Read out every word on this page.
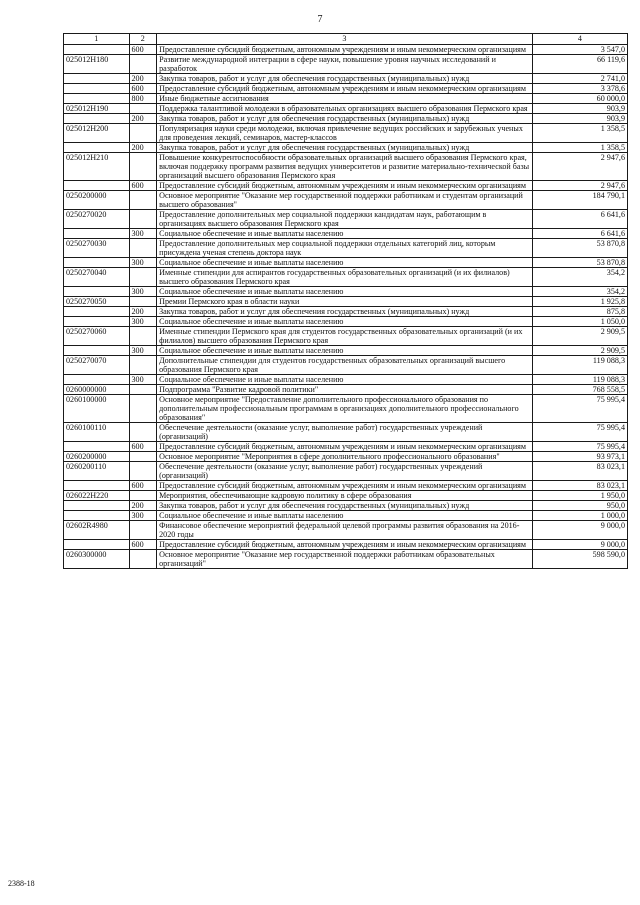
7
1	2	3	4
	600	Предоставление субсидий бюджетным, автономным учреждениям и иным некоммерческим организациям	3 547,0
025012Н180		Развитие международной интеграции в сфере науки, повышение уровня научных исследований и разработок	66 119,6
	200	Закупка товаров, работ и услуг для обеспечения государственных (муниципальных) нужд	2 741,0
	600	Предоставление субсидий бюджетным, автономным учреждениям и иным некоммерческим организациям	3 378,6
	800	Иные бюджетные ассигнования	60 000,0
025012Н190		Поддержка талантливой молодежи в образовательных организациях высшего образования Пермского края	903,9
	200	Закупка товаров, работ и услуг для обеспечения государственных (муниципальных) нужд	903,9
025012Н200		Популяризация науки среди молодежи, включая привлечение ведущих российских и зарубежных ученых для проведения лекций, семинаров, мастер-классов	1 358,5
	200	Закупка товаров, работ и услуг для обеспечения государственных (муниципальных) нужд	1 358,5
025012Н210		Повышение конкурентоспособности образовательных организаций высшего образования Пермского края, включая поддержку программ развития ведущих университетов и развитие материально-технической базы организаций высшего образования Пермского края	2 947,6
	600	Предоставление субсидий бюджетным, автономным учреждениям и иным некоммерческим организациям	2 947,6
0250200000		Основное мероприятие "Оказание мер государственной поддержки работникам и студентам организаций высшего образования"	184 790,1
0250270020		Предоставление дополнительных мер социальной поддержки кандидатам наук, работающим в организациях высшего образования Пермского края	6 641,6
	300	Социальное обеспечение и иные выплаты населению	6 641,6
0250270030		Предоставление дополнительных мер социальной поддержки отдельных категорий лиц, которым присуждена ученая степень доктора наук	53 870,8
	300	Социальное обеспечение и иные выплаты населению	53 870,8
0250270040		Именные стипендии для аспирантов государственных образовательных организаций (и их филиалов) высшего образования Пермского края	354,2
	300	Социальное обеспечение и иные выплаты населению	354,2
0250270050		Премии Пермского края в области науки	1 925,8
	200	Закупка товаров, работ и услуг для обеспечения государственных (муниципальных) нужд	875,8
	300	Социальное обеспечение и иные выплаты населению	1 050,0
0250270060		Именные стипендии Пермского края для студентов государственных образовательных организаций (и их филиалов) высшего образования Пермского края	2 909,5
	300	Социальное обеспечение и иные выплаты населению	2 909,5
0250270070		Дополнительные стипендии для студентов государственных образовательных организаций высшего образования Пермского края	119 088,3
	300	Социальное обеспечение и иные выплаты населению	119 088,3
0260000000		Подпрограмма "Развитие кадровой политики"	768 558,5
0260100000		Основное мероприятие "Предоставление дополнительного профессионального образования по дополнительным профессиональным программам в организациях дополнительного профессионального образования"	75 995,4
0260100110		Обеспечение деятельности (оказание услуг, выполнение работ) государственных учреждений (организаций)	75 995,4
	600	Предоставление субсидий бюджетным, автономным учреждениям и иным некоммерческим организациям	75 995,4
0260200000		Основное мероприятие "Мероприятия в сфере дополнительного профессионального образования"	93 973,1
0260200110		Обеспечение деятельности (оказание услуг, выполнение работ) государственных учреждений (организаций)	83 023,1
	600	Предоставление субсидий бюджетным, автономным учреждениям и иным некоммерческим организациям	83 023,1
026022Н220		Мероприятия, обеспечивающие кадровую политику в сфере образования	1 950,0
	200	Закупка товаров, работ и услуг для обеспечения государственных (муниципальных) нужд	950,0
	300	Социальное обеспечение и иные выплаты населению	1 000,0
02602R4980		Финансовое обеспечение мероприятий федеральной целевой программы развития образования на 2016-2020 годы	9 000,0
	600	Предоставление субсидий бюджетным, автономным учреждениям и иным некоммерческим организациям	9 000,0
0260300000		Основное мероприятие "Оказание мер государственной поддержки работникам образовательных организаций"	598 590,0
2388-18
